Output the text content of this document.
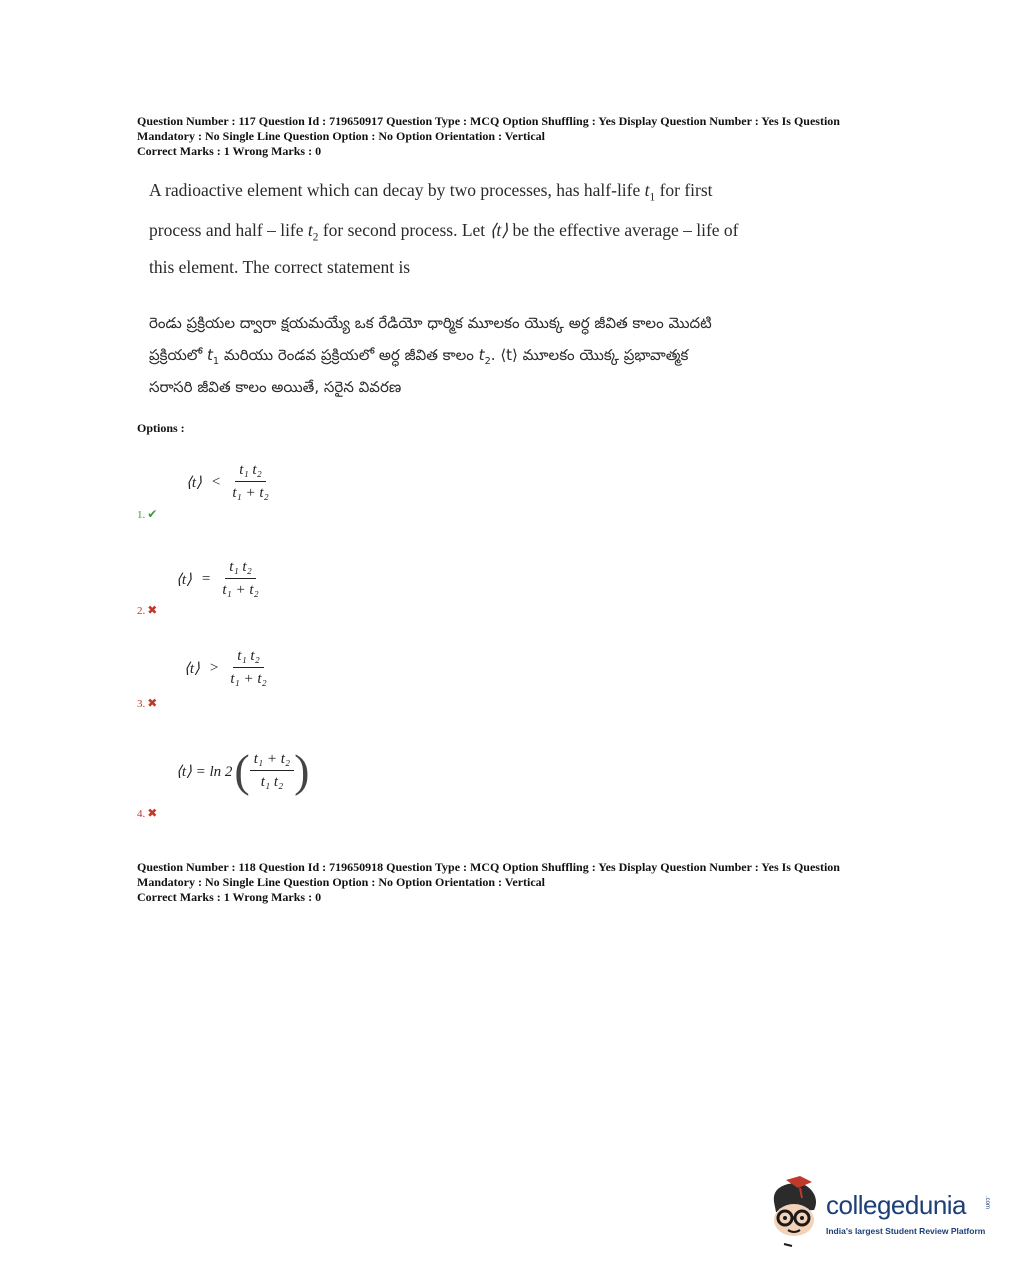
Question Number : 117 Question Id : 719650917 Question Type : MCQ Option Shuffling : Yes Display Question Number : Yes Is Question
Mandatory : No Single Line Question Option : No Option Orientation : Vertical
Correct Marks : 1 Wrong Marks : 0
A radioactive element which can decay by two processes, has half-life $t_1$ for first
process and half – life $t_2$ for second process. Let ⟨t⟩ be the effective average – life of
this element. The correct statement is
రెండు ప్రక్రియల ద్వారా క్షయమయ్యే ఒక రేడియో ధార్మిక మూలకం యొక్క అర్ధ జీవిత కాలం మొదటి
ప్రక్రియలో $t_1$ మరియు రెండవ ప్రక్రియలో అర్ధ జీవిత కాలం $t_2$. ⟨t⟩ మూలకం యొక్క ప్రభావాత్మక
సరాసరి జీవిత కాలం అయితే, సరైన వివరణ
Options :
⟨t⟩ < $\frac{\text{t₁ t₂}}{\text{t₁ + t₂}}$
1. ✔
⟨t⟩ = $\frac{\text{t₁ t₂}}{\text{t₁ + t₂}}$
2. ✖
⟨t⟩ > $\frac{\text{t₁ t₂}}{\text{t₁ + t₂}}$
3. ✖
⟨t⟩ = ln 2 ( $\frac{\text{t₁ + t₂}}{\text{t₁ t₂}}$ )
4. ✖
Question Number : 118 Question Id : 719650918 Question Type : MCQ Option Shuffling : Yes Display Question Number : Yes Is Question
Mandatory : No Single Line Question Option : No Option Orientation : Vertical
Correct Marks : 1 Wrong Marks : 0
collegedunia	.com
India's largest Student Review Platform
